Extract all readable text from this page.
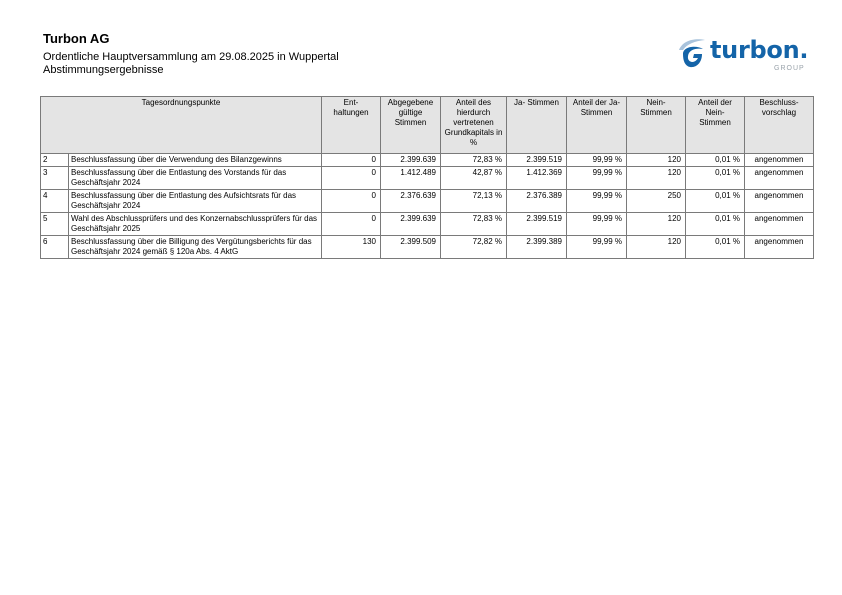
Turbon AG
Ordentliche Hauptversammlung am 29.08.2025 in Wuppertal
Abstimmungsergebnisse
turbon.
GROUP
Tagesordnungspunkte		Ent-
haltungen	Abgegebene gültige Stimmen	Anteil des hierdurch vertretenen Grundkapitals in %	Ja- Stimmen	Anteil der Ja- Stimmen	Nein-
Stimmen	Anteil der
Nein-
Stimmen	Beschluss-
vorschlag
2	Beschlussfassung über die Verwendung des Bilanzgewinns	0	2.399.639	72,83 %	2.399.519	99,99 %	120	0,01 %	angenommen
3	Beschlussfassung über die Entlastung des Vorstands für das Geschäftsjahr 2024	0	1.412.489	42,87 %	1.412.369	99,99 %	120	0,01 %	angenommen
4	Beschlussfassung über die Entlastung des Aufsichtsrats für das Geschäftsjahr 2024	0	2.376.639	72,13 %	2.376.389	99,99 %	250	0,01 %	angenommen
5	Wahl des Abschlussprüfers und des Konzernabschlussprüfers für das Geschäftsjahr 2025	0	2.399.639	72,83 %	2.399.519	99,99 %	120	0,01 %	angenommen
6	Beschlussfassung über die Billigung des Vergütungsberichts für das Geschäftsjahr 2024 gemäß § 120a Abs. 4 AktG	130	2.399.509	72,82 %	2.399.389	99,99 %	120	0,01 %	angenommen
